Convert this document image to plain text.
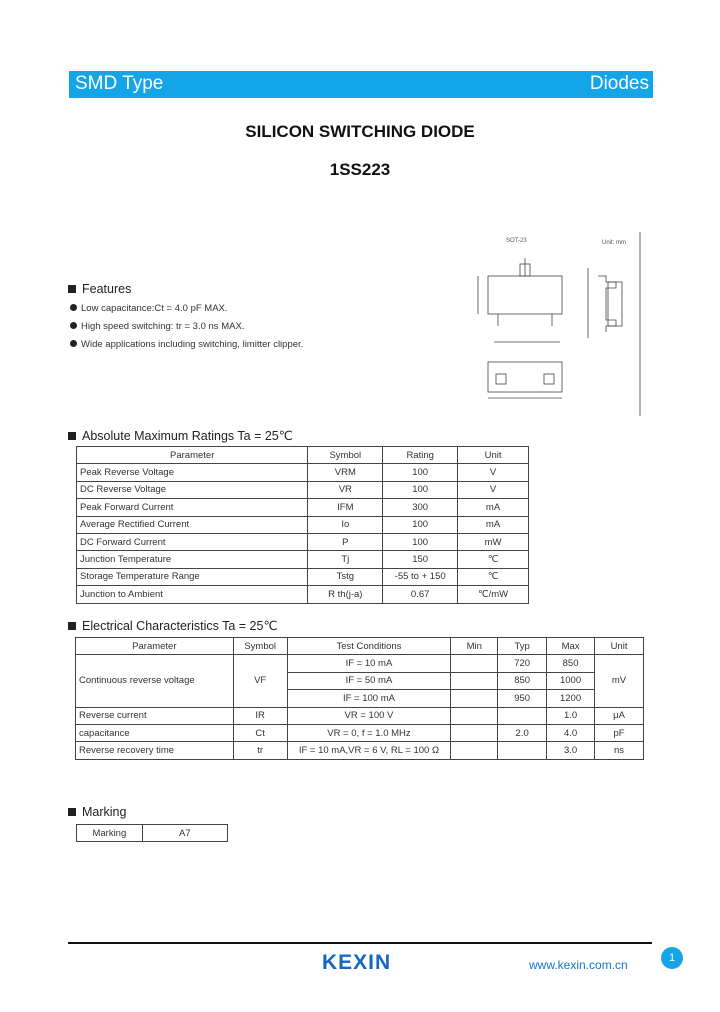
SMD Type	Diodes
SILICON SWITCHING DIODE
1SS223
Features
Low capacitance:Ct = 4.0 pF MAX.
High speed switching: tr = 3.0 ns MAX.
Wide applications including switching, limitter clipper.
SOT-23	Unit: mm
Absolute Maximum Ratings Ta = 25℃
Parameter	Symbol	Rating	Unit
Peak Reverse Voltage	VRM	100	V
DC Reverse Voltage	VR	100	V
Peak Forward Current	IFM	300	mA
Average Rectified Current	Io	100	mA
DC Forward Current	P	100	mW
Junction Temperature	Tj	150	℃
Storage Temperature Range	Tstg	-55 to + 150	℃
Junction to Ambient	R th(j-a)	0.67	℃/mW
Electrical Characteristics Ta = 25℃
Parameter	Symbol	Test Conditions	Min	Typ	Max	Unit
Continuous reverse voltage	VF	IF = 10 mA		720	850	mV
		IF = 50 mA		850	1000	
		IF = 100 mA		950	1200	
Reverse current	IR	VR = 100 V			1.0	μA
capacitance	Ct	VR = 0, f = 1.0 MHz		2.0	4.0	pF
Reverse recovery time	tr	IF = 10 mA,VR = 6 V, RL = 100 Ω			3.0	ns
Marking
Marking	A7
KEXIN	www.kexin.com.cn	1
